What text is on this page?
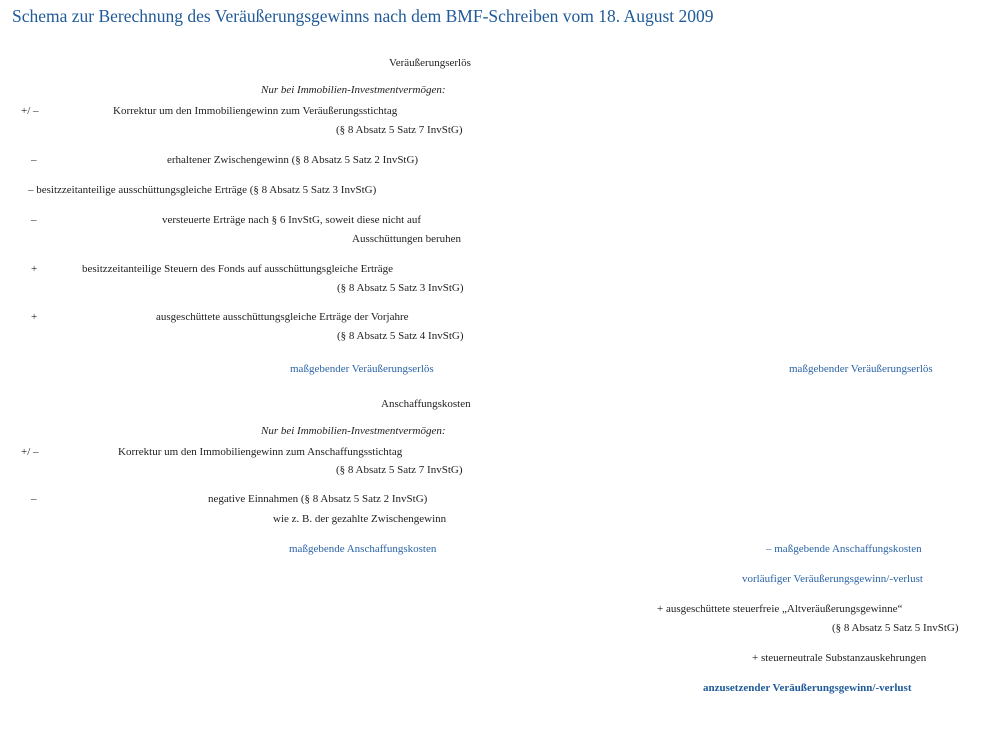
Schema zur Berechnung des Veräußerungsgewinns nach dem BMF-Schreiben vom 18. August 2009
Veräußerungserlös
Nur bei Immobilien-Investmentvermögen:
+/ –	Korrektur um den Immobiliengewinn zum Veräußerungsstichtag
(§ 8 Absatz 5 Satz 7 InvStG)
–	erhaltener Zwischengewinn (§ 8 Absatz 5 Satz 2 InvStG)
– besitzzeitanteilige ausschüttungsgleiche Erträge (§ 8 Absatz 5 Satz 3 InvStG)
–	versteuerte Erträge nach § 6 InvStG, soweit diese nicht auf
Ausschüttungen beruhen
+	besitzzeitanteilige Steuern des Fonds auf ausschüttungsgleiche Erträge
(§ 8 Absatz 5 Satz 3 InvStG)
+	ausgeschüttete ausschüttungsgleiche Erträge der Vorjahre
(§ 8 Absatz 5 Satz 4 InvStG)
maßgebender Veräußerungserlös	maßgebender Veräußerungserlös
Anschaffungskosten
Nur bei Immobilien-Investmentvermögen:
+/ –	Korrektur um den Immobiliengewinn zum Anschaffungsstichtag
(§ 8 Absatz 5 Satz 7 InvStG)
–	negative Einnahmen (§ 8 Absatz 5 Satz 2 InvStG)
wie z. B. der gezahlte Zwischengewinn
maßgebende Anschaffungskosten	– maßgebende Anschaffungskosten
vorläufiger Veräußerungsgewinn/-verlust
+ ausgeschüttete steuerfreie „Altveräußerungsgewinne“
(§ 8 Absatz 5 Satz 5 InvStG)
+ steuerneutrale Substanzauskehrungen
anzusetzender Veräußerungsgewinn/-verlust
